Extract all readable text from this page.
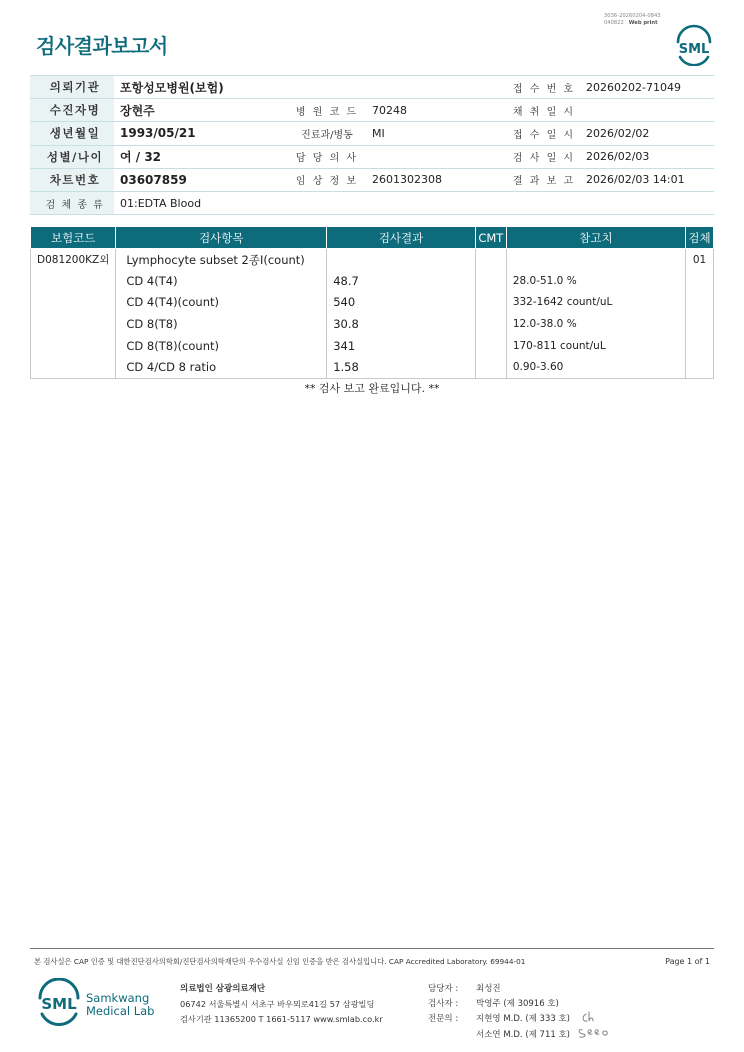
3036-20260204-0843
040822 Web print
검사결과보고서	SML
의뢰기관	포항성모병원(보험)			접 수 번 호	20260202-71049
수진자명	장현주	병 원 코 드	70248	채 취 일 시	
생년월일	1993/05/21	진료과/병동	MI	접 수 일 시	2026/02/02
성별/나이	여 / 32	담 당 의 사		검 사 일 시	2026/02/03
차트번호	03607859	임 상 정 보	2601302308	결 과 보 고	2026/02/03 14:01
검 체 종 류	01:EDTA Blood				
보험코드	검사항목	검사결과	CMT	참고치	검체
D081200KZ외	Lymphocyte subset 2종I(count)				01
	CD 4(T4)	48.7		28.0-51.0 %	
	CD 4(T4)(count)	540		332-1642 count/uL	
	CD 8(T8)	30.8		12.0-38.0 %	
	CD 8(T8)(count)	341		170-811 count/uL	
	CD 4/CD 8 ratio	1.58		0.90-3.60	
** 검사 보고 완료입니다. **
본 검사실은 CAP 인증 및 대한진단검사의학회/진단검사의학재단의 우수검사실 신임 인증을 받은 검사실입니다. CAP Accredited Laboratory. 69944-01	Page 1 of 1
SML Samkwang
Medical Lab
의료법인 삼광의료재단
06742 서울특별시 서초구 바우뫼로41길 57 삼광빌딩
검사기관 11365200 T 1661-5117 www.smlab.co.kr
담당자 : 최성진
검사자 : 박영주 (제 30916 호)
전문의 : 지현영 M.D. (제 333 호)
서소연 M.D. (제 711 호)
